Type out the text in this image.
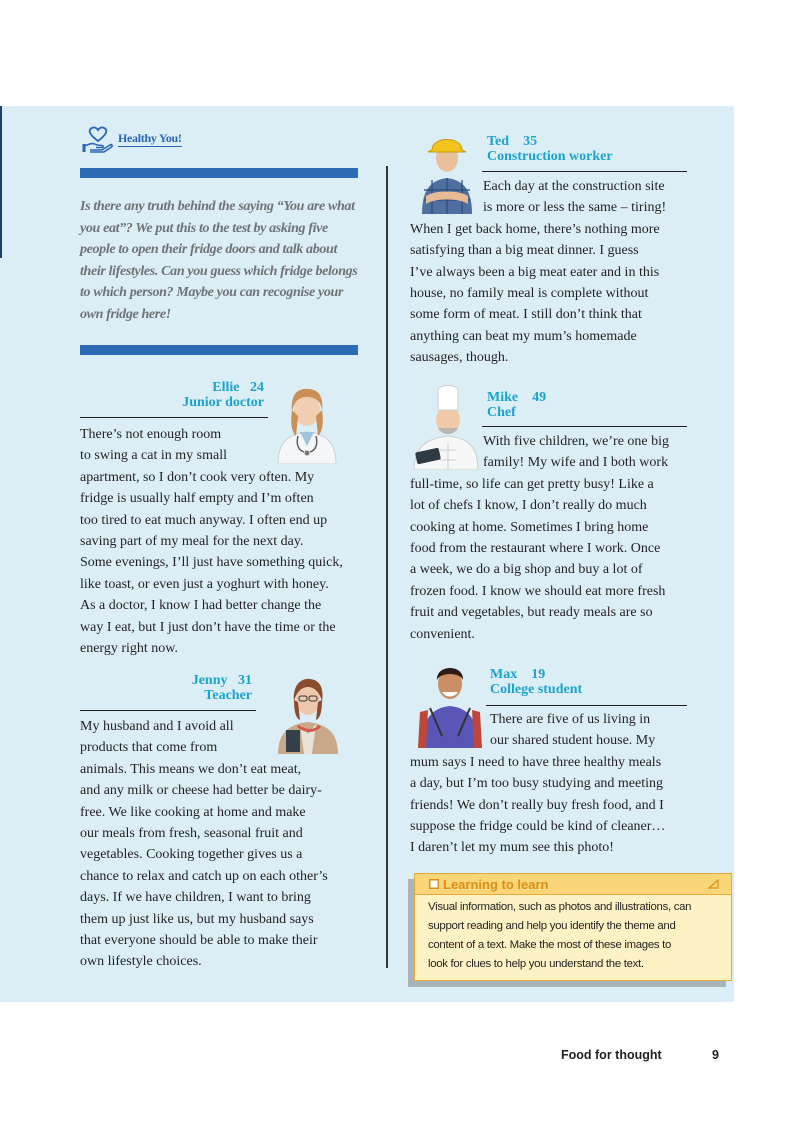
Healthy You!
Is there any truth behind the saying “You are what you eat”? We put this to the test by asking five people to open their fridge doors and talk about their lifestyles. Can you guess which fridge belongs to which person? Maybe you can recognise your own fridge here!
Ellie 24
Junior doctor
There’s not enough room
to swing a cat in my small
apartment, so I don’t cook very often. My
fridge is usually half empty and I’m often
too tired to eat much anyway. I often end up
saving part of my meal for the next day.
Some evenings, I’ll just have something quick,
like toast, or even just a yoghurt with honey.
As a doctor, I know I had better change the
way I eat, but I just don’t have the time or the
energy right now.
Jenny 31
Teacher
My husband and I avoid all
products that come from
animals. This means we don’t eat meat,
and any milk or cheese had better be dairy-
free. We like cooking at home and make
our meals from fresh, seasonal fruit and
vegetables. Cooking together gives us a
chance to relax and catch up on each other’s
days. If we have children, I want to bring
them up just like us, but my husband says
that everyone should be able to make their
own lifestyle choices.
Ted 35
Construction worker
Each day at the construction site
is more or less the same – tiring!
When I get back home, there’s nothing more
satisfying than a big meat dinner. I guess
I’ve always been a big meat eater and in this
house, no family meal is complete without
some form of meat. I still don’t think that
anything can beat my mum’s homemade
sausages, though.
Mike 49
Chef
With five children, we’re one big
family! My wife and I both work
full-time, so life can get pretty busy! Like a
lot of chefs I know, I don’t really do much
cooking at home. Sometimes I bring home
food from the restaurant where I work. Once
a week, we do a big shop and buy a lot of
frozen food. I know we should eat more fresh
fruit and vegetables, but ready meals are so
convenient.
Max 19
College student
There are five of us living in
our shared student house. My
mum says I need to have three healthy meals
a day, but I’m too busy studying and meeting
friends! We don’t really buy fresh food, and I
suppose the fridge could be kind of cleaner…
I daren’t let my mum see this photo!
Learning to learn
Visual information, such as photos and illustrations, can
support reading and help you identify the theme and
content of a text. Make the most of these images to
look for clues to help you understand the text.
Food for thought	9
